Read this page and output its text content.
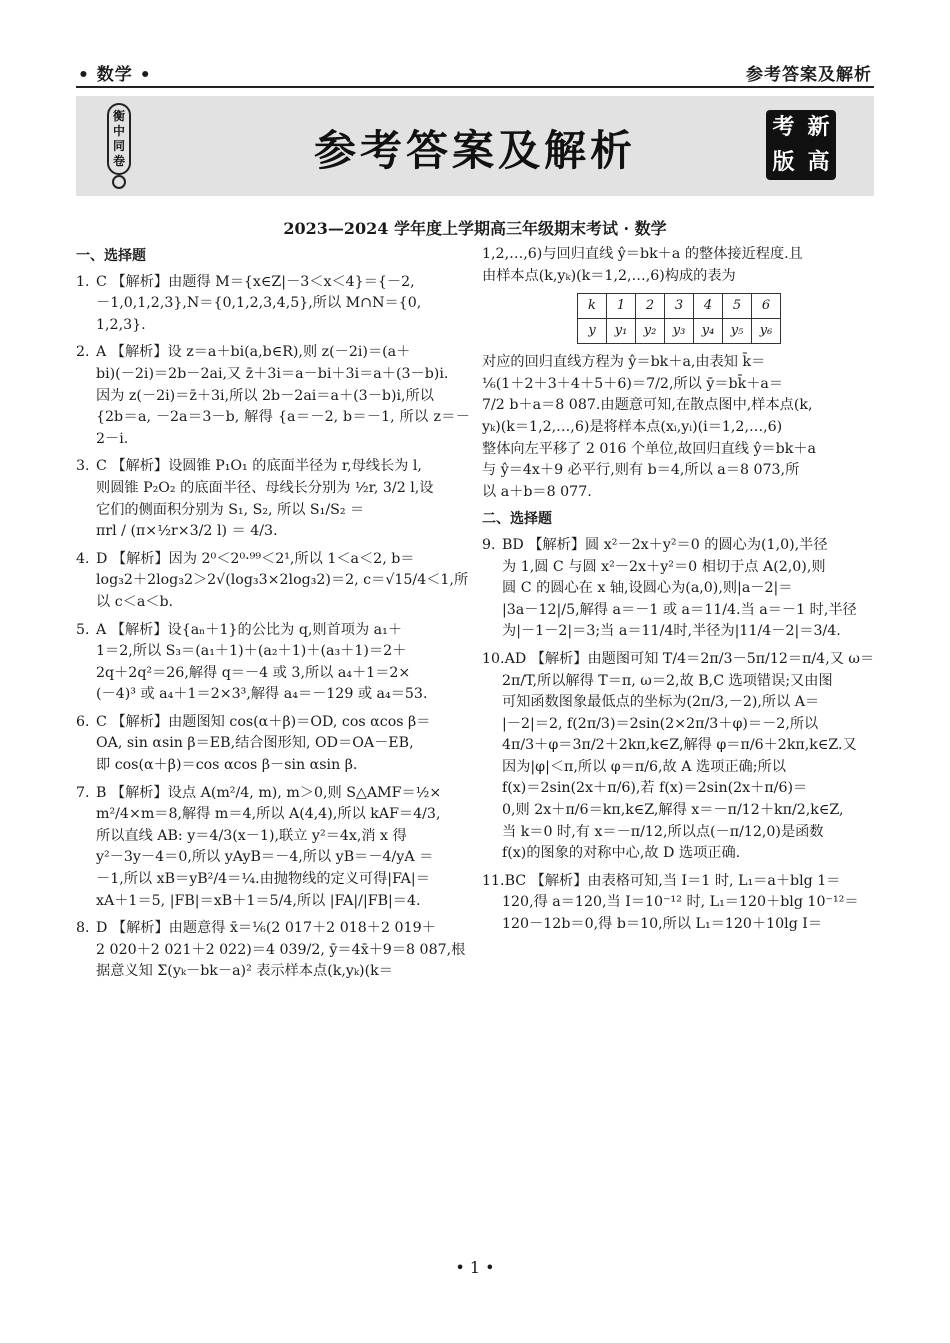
• 数学 •	参考答案及解析
衡
中
同
卷	参考答案及解析	考 新
版 高
2023—2024 学年度上学期高三年级期末考试 · 数学
一、选择题
1. C 【解析】由题得 M＝{x∈Z|－3＜x＜4}＝{－2,
－1,0,1,2,3},N＝{0,1,2,3,4,5},所以 M∩N＝{0,
1,2,3}.
2. A 【解析】设 z＝a＋bi(a,b∈R),则 z(－2i)＝(a＋
bi)(－2i)＝2b－2ai,又 z̄＋3i＝a－bi＋3i＝a＋(3－b)i.
因为 z(－2i)＝z̄＋3i,所以 2b－2ai＝a＋(3－b)i,所以
{2b＝a, －2a＝3－b, 解得 {a＝－2, b＝－1, 所以 z＝－2－i.
3. C 【解析】设圆锥 P₁O₁ 的底面半径为 r,母线长为 l,
则圆锥 P₂O₂ 的底面半径、母线长分别为 ½r, 3/2 l,设
它们的侧面积分别为 S₁, S₂, 所以 S₁/S₂ ＝
πrl / (π×½r×3/2 l) ＝ 4/3.
4. D 【解析】因为 2⁰＜2⁰·⁹⁹＜2¹,所以 1＜a＜2, b＝
log₃2＋2log₃2＞2√(log₃3×2log₃2)＝2, c＝√15/4＜1,所
以 c＜a＜b.
5. A 【解析】设{aₙ＋1}的公比为 q,则首项为 a₁＋
1＝2,所以 S₃＝(a₁＋1)＋(a₂＋1)＋(a₃＋1)＝2＋
2q＋2q²＝26,解得 q＝－4 或 3,所以 a₄＋1＝2×
(－4)³ 或 a₄＋1＝2×3³,解得 a₄＝－129 或 a₄＝53.
6. C 【解析】由题图知 cos(α＋β)＝OD, cos αcos β＝
OA, sin αsin β＝EB,结合图形知, OD＝OA－EB,
即 cos(α＋β)＝cos αcos β－sin αsin β.
7. B 【解析】设点 A(m²/4, m), m＞0,则 S△AMF＝½×
m²/4×m＝8,解得 m＝4,所以 A(4,4),所以 kAF＝4/3,
所以直线 AB: y＝4/3(x－1),联立 y²＝4x,消 x 得
y²－3y－4＝0,所以 yAyB＝－4,所以 yB＝－4/yA ＝
－1,所以 xB＝yB²/4＝¼.由抛物线的定义可得|FA|＝
xA＋1＝5, |FB|＝xB＋1＝5/4,所以 |FA|/|FB|＝4.
8. D 【解析】由题意得 x̄＝⅙(2 017＋2 018＋2 019＋
2 020＋2 021＋2 022)＝4 039/2, ȳ＝4x̄＋9＝8 087,根
据意义知 Σ(yₖ－bk－a)² 表示样本点(k,yₖ)(k＝
1,2,…,6)与回归直线 ŷ＝bk＋a 的整体接近程度.且
由样本点(k,yₖ)(k＝1,2,…,6)构成的表为
k	1	2	3	4	5	6
y	y₁	y₂	y₃	y₄	y₅	y₆
对应的回归直线方程为 ŷ＝bk＋a,由表知 k̄＝
⅙(1＋2＋3＋4＋5＋6)＝7/2,所以 ȳ＝bk̄＋a＝
7/2 b＋a＝8 087.由题意可知,在散点图中,样本点(k,
yₖ)(k＝1,2,…,6)是将样本点(xᵢ,yᵢ)(i＝1,2,…,6)
整体向左平移了 2 016 个单位,故回归直线 ŷ＝bk＋a
与 ŷ＝4x＋9 必平行,则有 b＝4,所以 a＝8 073,所
以 a＋b＝8 077.
二、选择题
9. BD 【解析】圆 x²－2x＋y²＝0 的圆心为(1,0),半径
为 1,圆 C 与圆 x²－2x＋y²＝0 相切于点 A(2,0),则
圆 C 的圆心在 x 轴,设圆心为(a,0),则|a－2|＝
|3a－12|/5,解得 a＝－1 或 a＝11/4.当 a＝－1 时,半径
为|－1－2|＝3;当 a＝11/4时,半径为|11/4－2|＝3/4.
10.AD 【解析】由题图可知 T/4＝2π/3－5π/12＝π/4,又 ω＝
2π/T,所以解得 T＝π, ω＝2,故 B,C 选项错误;又由图
可知函数图象最低点的坐标为(2π/3,－2),所以 A＝
|－2|＝2, f(2π/3)＝2sin(2×2π/3＋φ)＝－2,所以
4π/3＋φ＝3π/2＋2kπ,k∈Z,解得 φ＝π/6＋2kπ,k∈Z.又
因为|φ|＜π,所以 φ＝π/6,故 A 选项正确;所以
f(x)＝2sin(2x＋π/6),若 f(x)＝2sin(2x＋π/6)＝
0,则 2x＋π/6＝kπ,k∈Z,解得 x＝－π/12＋kπ/2,k∈Z,
当 k＝0 时,有 x＝－π/12,所以点(－π/12,0)是函数
f(x)的图象的对称中心,故 D 选项正确.
11.BC 【解析】由表格可知,当 I＝1 时, L₁＝a＋blg 1＝
120,得 a＝120,当 I＝10⁻¹² 时, L₁＝120＋blg 10⁻¹²＝
120－12b＝0,得 b＝10,所以 L₁＝120＋10lg I＝
• 1 •
